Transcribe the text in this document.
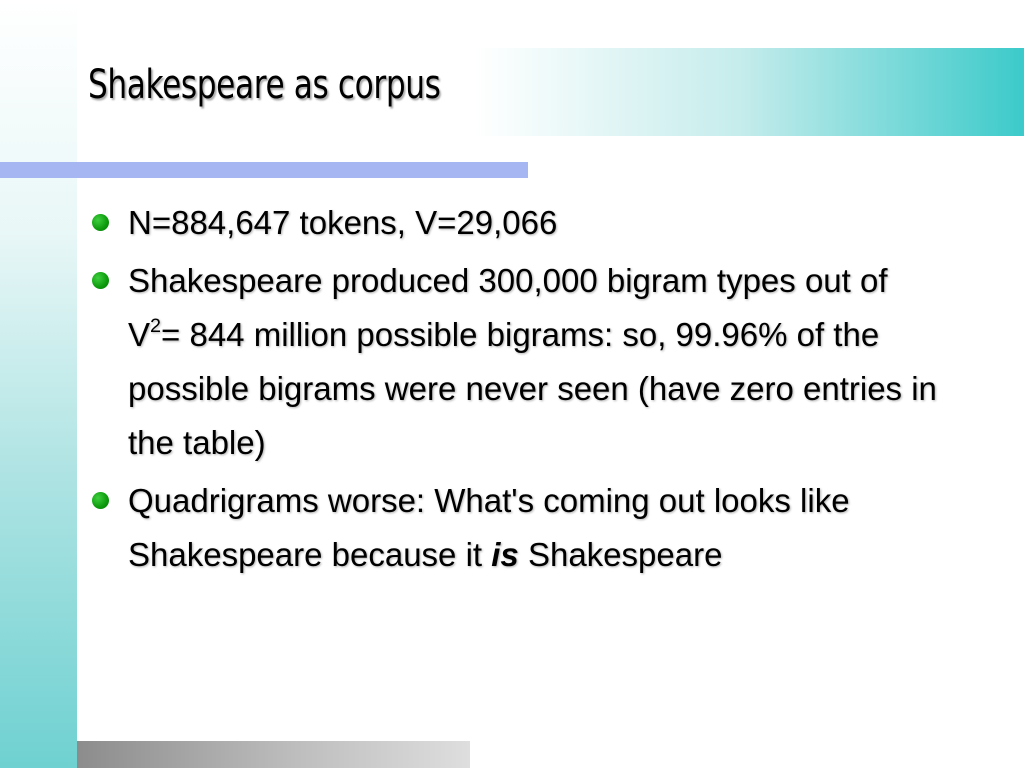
Shakespeare as corpus
N=884,647 tokens, V=29,066
Shakespeare produced 300,000 bigram types out of $V^2= 844$ million possible bigrams: so, 99.96% of the possible bigrams were never seen (have zero entries in the table)
Quadrigrams worse: What's coming out looks like Shakespeare because it is Shakespeare
